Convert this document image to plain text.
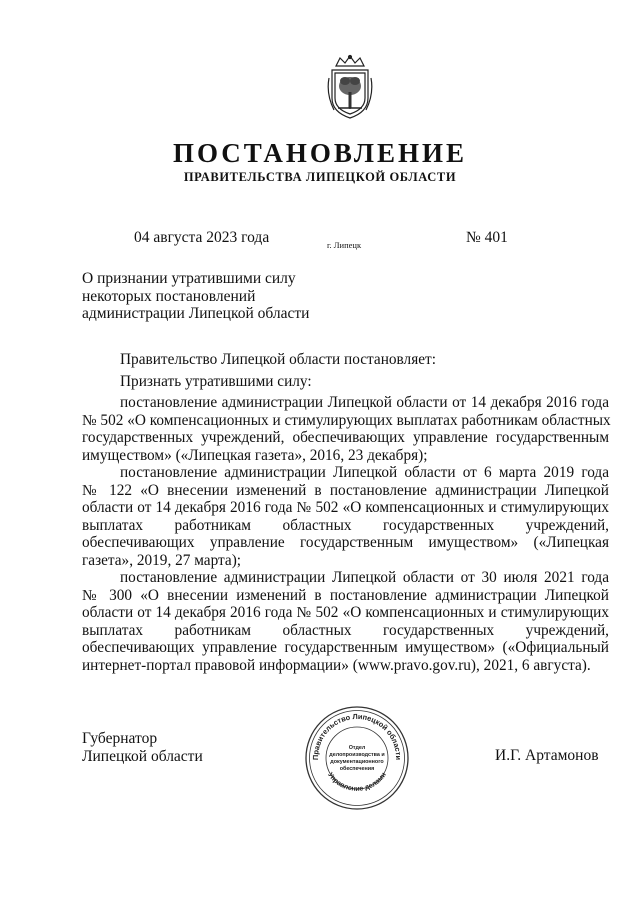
ПОСТАНОВЛЕНИЕ
ПРАВИТЕЛЬСТВА ЛИПЕЦКОЙ ОБЛАСТИ
04 августа 2023 года	г. Липецк	№ 401
О признании утратившими силу
некоторых постановлений
администрации Липецкой области
Правительство Липецкой области постановляет:
Признать утратившими силу:
постановление администрации Липецкой области от 14 декабря 2016 года
№ 502 «О компенсационных и стимулирующих выплатах работникам областных
государственных учреждений, обеспечивающих управление государственным
имуществом» («Липецкая газета», 2016, 23 декабря);
постановление администрации Липецкой области от 6 марта 2019 года
№ 122 «О внесении изменений в постановление администрации Липецкой
области от 14 декабря 2016 года № 502 «О компенсационных и стимулирующих
выплатах работникам областных государственных учреждений,
обеспечивающих управление государственным имуществом» («Липецкая
газета», 2019, 27 марта);
постановление администрации Липецкой области от 30 июля 2021 года
№ 300 «О внесении изменений в постановление администрации Липецкой
области от 14 декабря 2016 года № 502 «О компенсационных и стимулирующих
выплатах работникам областных государственных учреждений,
обеспечивающих управление государственным имуществом» («Официальный
интернет-портал правовой информации» (www.pravo.gov.ru), 2021, 6 августа).
Губернатор
Липецкой области	И.Г. Артамонов
Правительство Липецкой области
Управление делами
Отдел
делопроизводства и
документационного
обеспечения
